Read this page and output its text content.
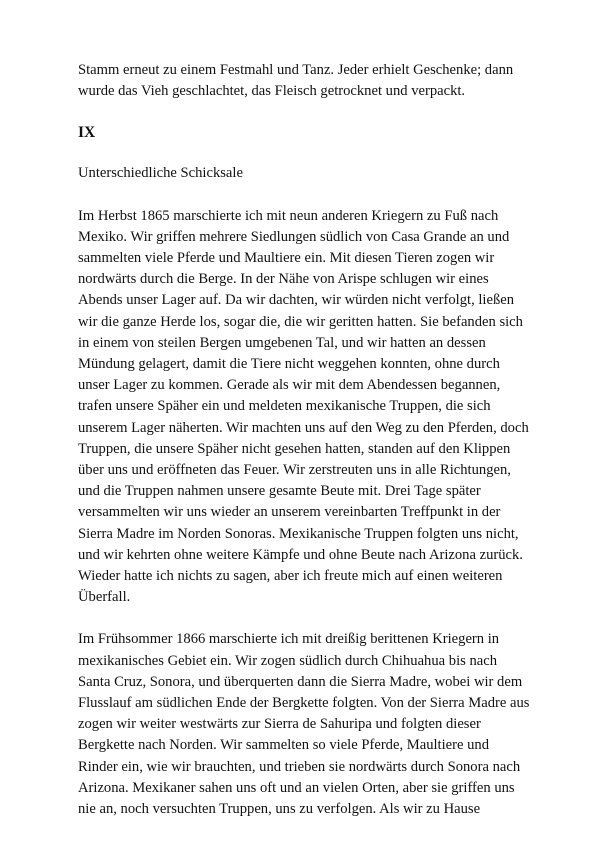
Stamm erneut zu einem Festmahl und Tanz. Jeder erhielt Geschenke; dann wurde das Vieh geschlachtet, das Fleisch getrocknet und verpackt.

IX

Unterschiedliche Schicksale

Im Herbst 1865 marschierte ich mit neun anderen Kriegern zu Fuß nach Mexiko. Wir griffen mehrere Siedlungen südlich von Casa Grande an und sammelten viele Pferde und Maultiere ein. Mit diesen Tieren zogen wir nordwärts durch die Berge. In der Nähe von Arispe schlugen wir eines Abends unser Lager auf. Da wir dachten, wir würden nicht verfolgt, ließen wir die ganze Herde los, sogar die, die wir geritten hatten. Sie befanden sich in einem von steilen Bergen umgebenen Tal, und wir hatten an dessen Mündung gelagert, damit die Tiere nicht weggehen konnten, ohne durch unser Lager zu kommen. Gerade als wir mit dem Abendessen begannen, trafen unsere Späher ein und meldeten mexikanische Truppen, die sich unserem Lager näherten. Wir machten uns auf den Weg zu den Pferden, doch Truppen, die unsere Späher nicht gesehen hatten, standen auf den Klippen über uns und eröffneten das Feuer. Wir zerstreuten uns in alle Richtungen, und die Truppen nahmen unsere gesamte Beute mit. Drei Tage später versammelten wir uns wieder an unserem vereinbarten Treffpunkt in der Sierra Madre im Norden Sonoras. Mexikanische Truppen folgten uns nicht, und wir kehrten ohne weitere Kämpfe und ohne Beute nach Arizona zurück. Wieder hatte ich nichts zu sagen, aber ich freute mich auf einen weiteren Überfall.

Im Frühsommer 1866 marschierte ich mit dreißig berittenen Kriegern in mexikanisches Gebiet ein. Wir zogen südlich durch Chihuahua bis nach Santa Cruz, Sonora, und überquerten dann die Sierra Madre, wobei wir dem Flusslauf am südlichen Ende der Bergkette folgten. Von der Sierra Madre aus zogen wir weiter westwärts zur Sierra de Sahuripa und folgten dieser Bergkette nach Norden. Wir sammelten so viele Pferde, Maultiere und Rinder ein, wie wir brauchten, und trieben sie nordwärts durch Sonora nach Arizona. Mexikaner sahen uns oft und an vielen Orten, aber sie griffen uns nie an, noch versuchten Truppen, uns zu verfolgen. Als wir zu Hause
